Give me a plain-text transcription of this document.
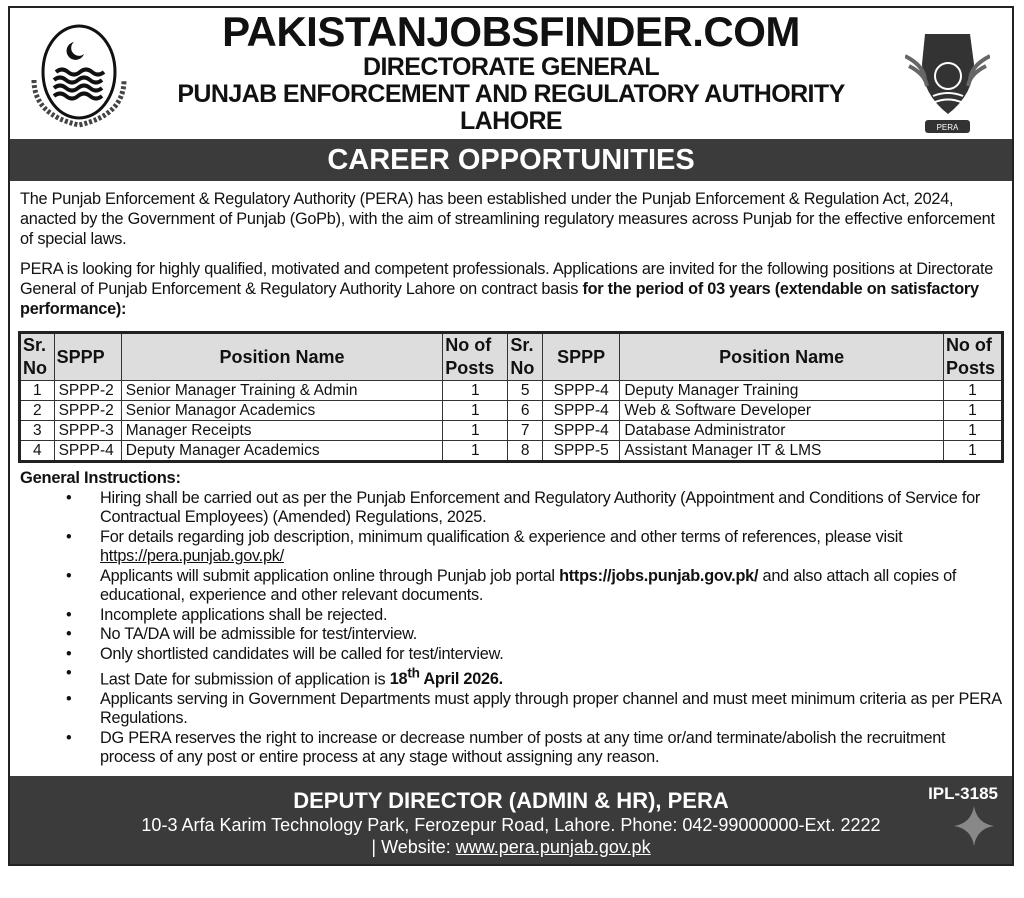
PAKISTANJOBSFINDER.COM
DIRECTORATE GENERAL
PUNJAB ENFORCEMENT AND REGULATORY AUTHORITY
LAHORE	PERA
CAREER OPPORTUNITIES

The Punjab Enforcement & Regulatory Authority (PERA) has been established under the Punjab Enforcement & Regulation Act, 2024, anacted by the Government of Punjab (GoPb), with the aim of streamlining regulatory measures across Punjab for the effective enforcement of special laws.

PERA is looking for highly qualified, motivated and competent professionals. Applications are invited for the following positions at Directorate General of Punjab Enforcement & Regulatory Authority Lahore on contract basis for the period of 03 years (extendable on satisfactory performance):

Sr. No	SPPP	Position Name	No of Posts	Sr. No	SPPP	Position Name	No of Posts
1	SPPP-2	Senior Manager Training & Admin	1	5	SPPP-4	Deputy Manager Training	1
2	SPPP-2	Senior Managor Academics	1	6	SPPP-4	Web & Software Developer	1
3	SPPP-3	Manager Receipts	1	7	SPPP-4	Database Administrator	1
4	SPPP-4	Deputy Manager Academics	1	8	SPPP-5	Assistant Manager IT & LMS	1
General Instructions:
• Hiring shall be carried out as per the Punjab Enforcement and Regulatory Authority (Appointment and Conditions of Service for Contractual Employees) (Amended) Regulations, 2025.
• For details regarding job description, minimum qualification & experience and other terms of references, please visit
https://pera.punjab.gov.pk/
• Applicants will submit application online through Punjab job portal https://jobs.punjab.gov.pk/ and also attach all copies of educational, experience and other relevant documents.
• Incomplete applications shall be rejected.
• No TA/DA will be admissible for test/interview.
• Only shortlisted candidates will be called for test/interview.
• Last Date for submission of application is 18th April 2026.
• Applicants serving in Government Departments must apply through proper channel and must meet minimum criteria as per PERA Regulations.
• DG PERA reserves the right to increase or decrease number of posts at any time or/and terminate/abolish the recruitment process of any post or entire process at any stage without assigning any reason.
DEPUTY DIRECTOR (ADMIN & HR), PERA
10-3 Arfa Karim Technology Park, Ferozepur Road, Lahore. Phone: 042-99000000-Ext. 2222
| Website: www.pera.punjab.gov.pk
IPL-3185
